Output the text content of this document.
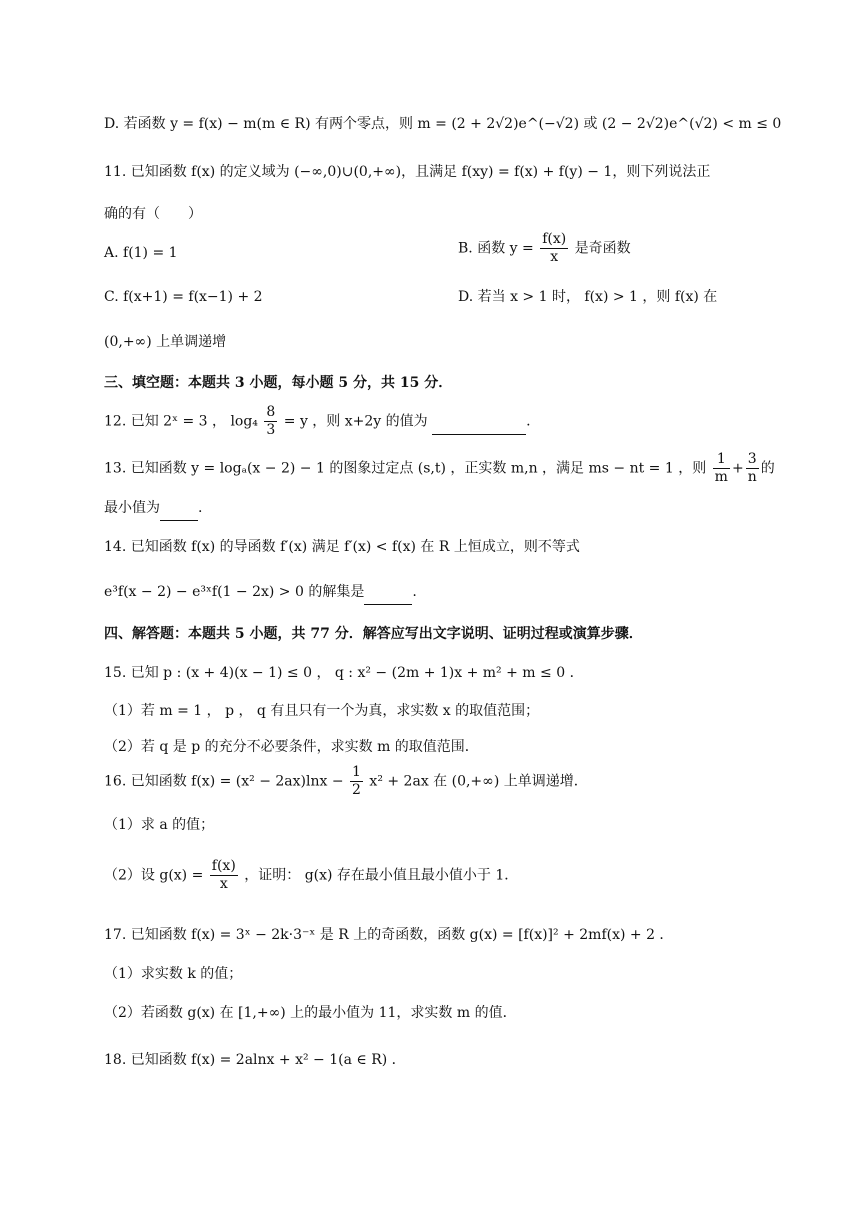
D. 若函数 y = f(x) − m(m ∈ R) 有两个零点，则 m = (2 + 2√2)e^(−√2) 或 (2 − 2√2)e^(√2) < m ≤ 0
11. 已知函数 f(x) 的定义域为 (−∞,0)∪(0,+∞)，且满足 f(xy) = f(x) + f(y) − 1，则下列说法正
确的有（　　）
A. f(1) = 1	B. 函数 $y = \frac{f(x)}{x}$ 是奇函数
C. f(x+1) = f(x−1) + 2	D. 若当 x > 1 时， f(x) > 1 ，则 f(x) 在
(0,+∞) 上单调递增
三、填空题：本题共 3 小题，每小题 5 分，共 15 分．
12. 已知 2ˣ = 3 ， $\log_4 \frac{8}{3} = y$ ，则 x+2y 的值为	.
13. 已知函数 y = logₐ(x − 2) − 1 的图象过定点 (s,t) ，正实数 m,n ，满足 ms − nt = 1 ，则 $\frac{1}{m} + \frac{3}{n}$ 的
最小值为	.
14. 已知函数 f(x) 的导函数 f′(x) 满足 f′(x) < f(x) 在 R 上恒成立，则不等式
e³f(x − 2) − e³ˣf(1 − 2x) > 0 的解集是	.
四、解答题：本题共 5 小题，共 77 分．解答应写出文字说明、证明过程或演算步骤．
15. 已知 p : (x + 4)(x − 1) ≤ 0 ， q : x² − (2m + 1)x + m² + m ≤ 0 ．
（1）若 m = 1 ， p ， q 有且只有一个为真，求实数 x 的取值范围；
（2）若 q 是 p 的充分不必要条件，求实数 m 的取值范围．
16. 已知函数 $f(x) = (x^2 - 2ax)\ln x - \frac{1}{2} x^2 + 2ax$ 在 (0,+∞) 上单调递增．
（1）求 a 的值；
（2）设 $g(x) = \frac{f(x)}{x}$ ，证明： g(x) 存在最小值且最小值小于 1．
17. 已知函数 f(x) = 3ˣ − 2k·3⁻ˣ 是 R 上的奇函数，函数 g(x) = [f(x)]² + 2mf(x) + 2 ．
（1）求实数 k 的值；
（2）若函数 g(x) 在 [1,+∞) 上的最小值为 11，求实数 m 的值．
18. 已知函数 f(x) = 2alnx + x² − 1(a ∈ R) ．
